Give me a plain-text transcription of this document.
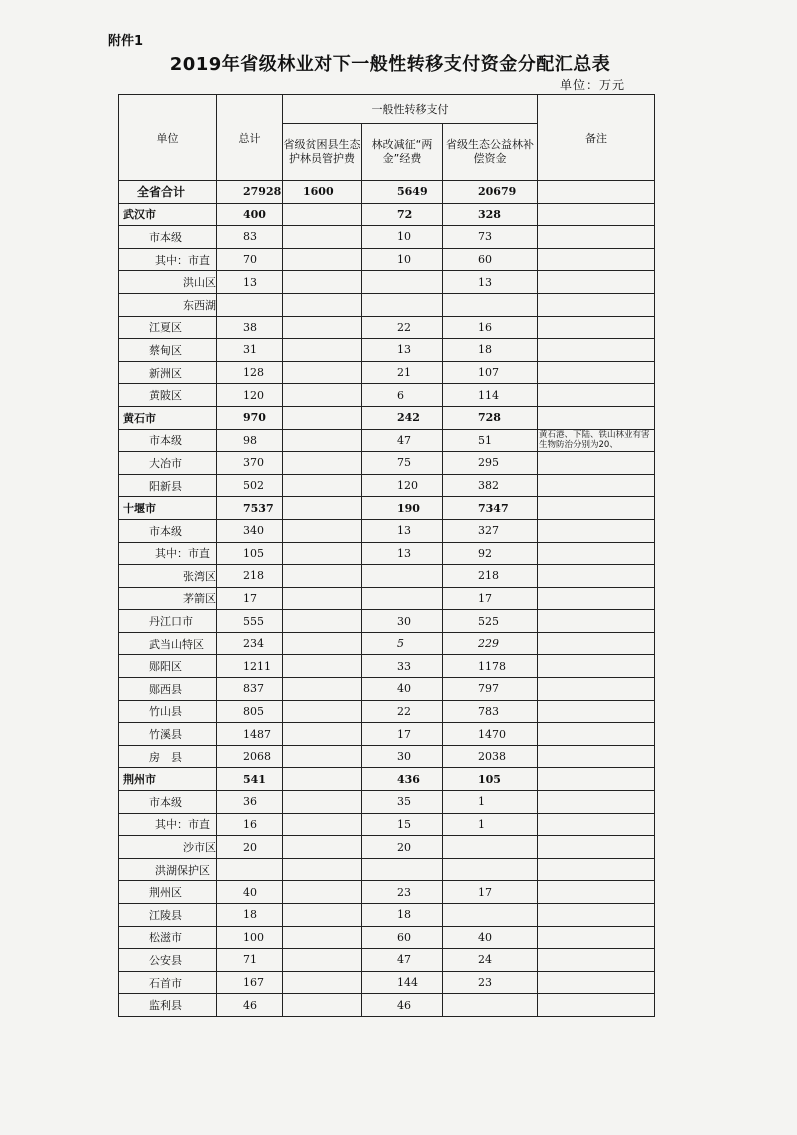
附件1
2019年省级林业对下一般性转移支付资金分配汇总表
单位：万元
单位	总计	一般性转移支付			备注
		省级贫困县生态护林员管护费	林改减征“两金”经费	省级生态公益林补偿资金	
全省合计	27928	1600	5649	20679	
武汉市	400		72	328	
市本级	83		10	73	
其中：市直	70		10	60	
洪山区	13			13	
东西湖					
江夏区	38		22	16	
蔡甸区	31		13	18	
新洲区	128		21	107	
黄陂区	120		6	114	
黄石市	970		242	728	
市本级	98		47	51	黄石港、下陆、铁山林业有害生物防治分别为20、
大冶市	370		75	295	
阳新县	502		120	382	
十堰市	7537		190	7347	
市本级	340		13	327	
其中：市直	105		13	92	
张湾区	218			218	
茅箭区	17			17	
丹江口市	555		30	525	
武当山特区	234		5	229	
郧阳区	1211		33	1178	
郧西县	837		40	797	
竹山县	805		22	783	
竹溪县	1487		17	1470	
房　县	2068		30	2038	
荆州市	541		436	105	
市本级	36		35	1	
其中：市直	16		15	1	
沙市区	20		20		
洪湖保护区					
荆州区	40		23	17	
江陵县	18		18		
松滋市	100		60	40	
公安县	71		47	24	
石首市	167		144	23	
监利县	46		46		
